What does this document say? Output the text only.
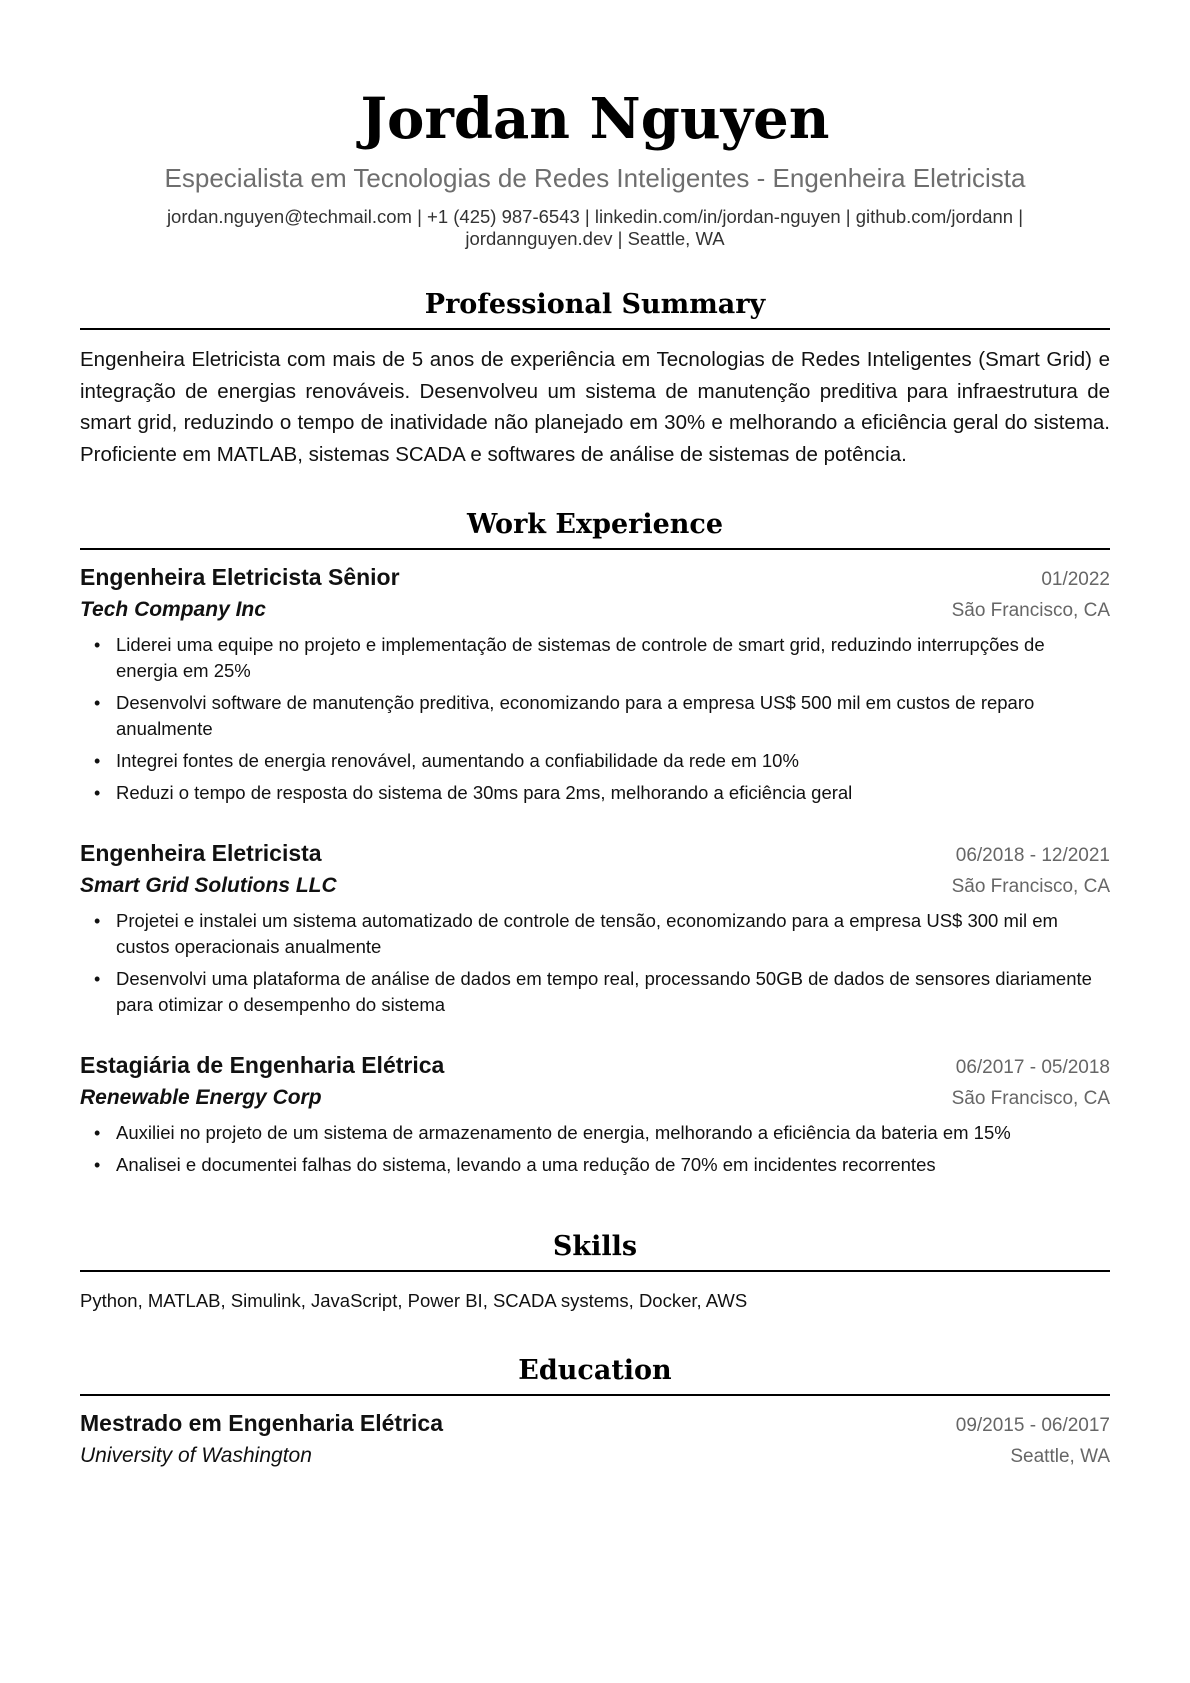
Jordan Nguyen
Especialista em Tecnologias de Redes Inteligentes - Engenheira Eletricista
jordan.nguyen@techmail.com | +1 (425) 987-6543 | linkedin.com/in/jordan-nguyen | github.com/jordann |
jordannguyen.dev | Seattle, WA
Professional Summary

Engenheira Eletricista com mais de 5 anos de experiência em Tecnologias de Redes Inteligentes (Smart Grid) e integração de energias renováveis. Desenvolveu um sistema de manutenção preditiva para infraestrutura de smart grid, reduzindo o tempo de inatividade não planejado em 30% e melhorando a eficiência geral do sistema. Proficiente em MATLAB, sistemas SCADA e softwares de análise de sistemas de potência.

Work Experience
Engenheira Eletricista Sênior	01/2022
Tech Company Inc	São Francisco, CA
• Liderei uma equipe no projeto e implementação de sistemas de controle de smart grid, reduzindo interrupções de energia em 25%
• Desenvolvi software de manutenção preditiva, economizando para a empresa US$ 500 mil em custos de reparo anualmente
• Integrei fontes de energia renovável, aumentando a confiabilidade da rede em 10%
• Reduzi o tempo de resposta do sistema de 30ms para 2ms, melhorando a eficiência geral
Engenheira Eletricista	06/2018 - 12/2021
Smart Grid Solutions LLC	São Francisco, CA
• Projetei e instalei um sistema automatizado de controle de tensão, economizando para a empresa US$ 300 mil em custos operacionais anualmente
• Desenvolvi uma plataforma de análise de dados em tempo real, processando 50GB de dados de sensores diariamente para otimizar o desempenho do sistema
Estagiária de Engenharia Elétrica	06/2017 - 05/2018
Renewable Energy Corp	São Francisco, CA
• Auxiliei no projeto de um sistema de armazenamento de energia, melhorando a eficiência da bateria em 15%
• Analisei e documentei falhas do sistema, levando a uma redução de 70% em incidentes recorrentes
Skills

Python, MATLAB, Simulink, JavaScript, Power BI, SCADA systems, Docker, AWS

Education
Mestrado em Engenharia Elétrica	09/2015 - 06/2017
University of Washington	Seattle, WA
